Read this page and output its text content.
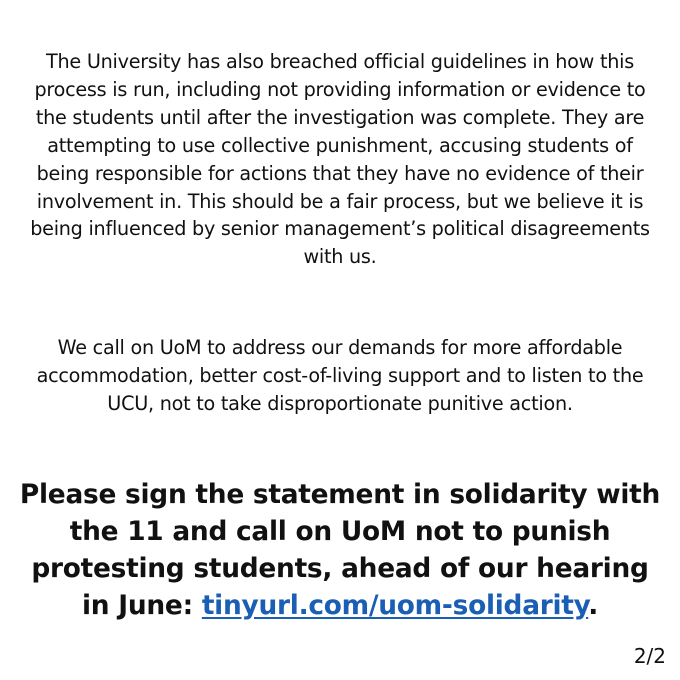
The University has also breached official guidelines in how this process is run, including not providing information or evidence to the students until after the investigation was complete. They are attempting to use collective punishment, accusing students of being responsible for actions that they have no evidence of their involvement in. This should be a fair process, but we believe it is being influenced by senior management’s political disagreements with us.

We call on UoM to address our demands for more affordable accommodation, better cost-of-living support and to listen to the UCU, not to take disproportionate punitive action.

Please sign the statement in solidarity with the 11 and call on UoM not to punish protesting students, ahead of our hearing in June: tinyurl.com/uom-solidarity.

2/2
